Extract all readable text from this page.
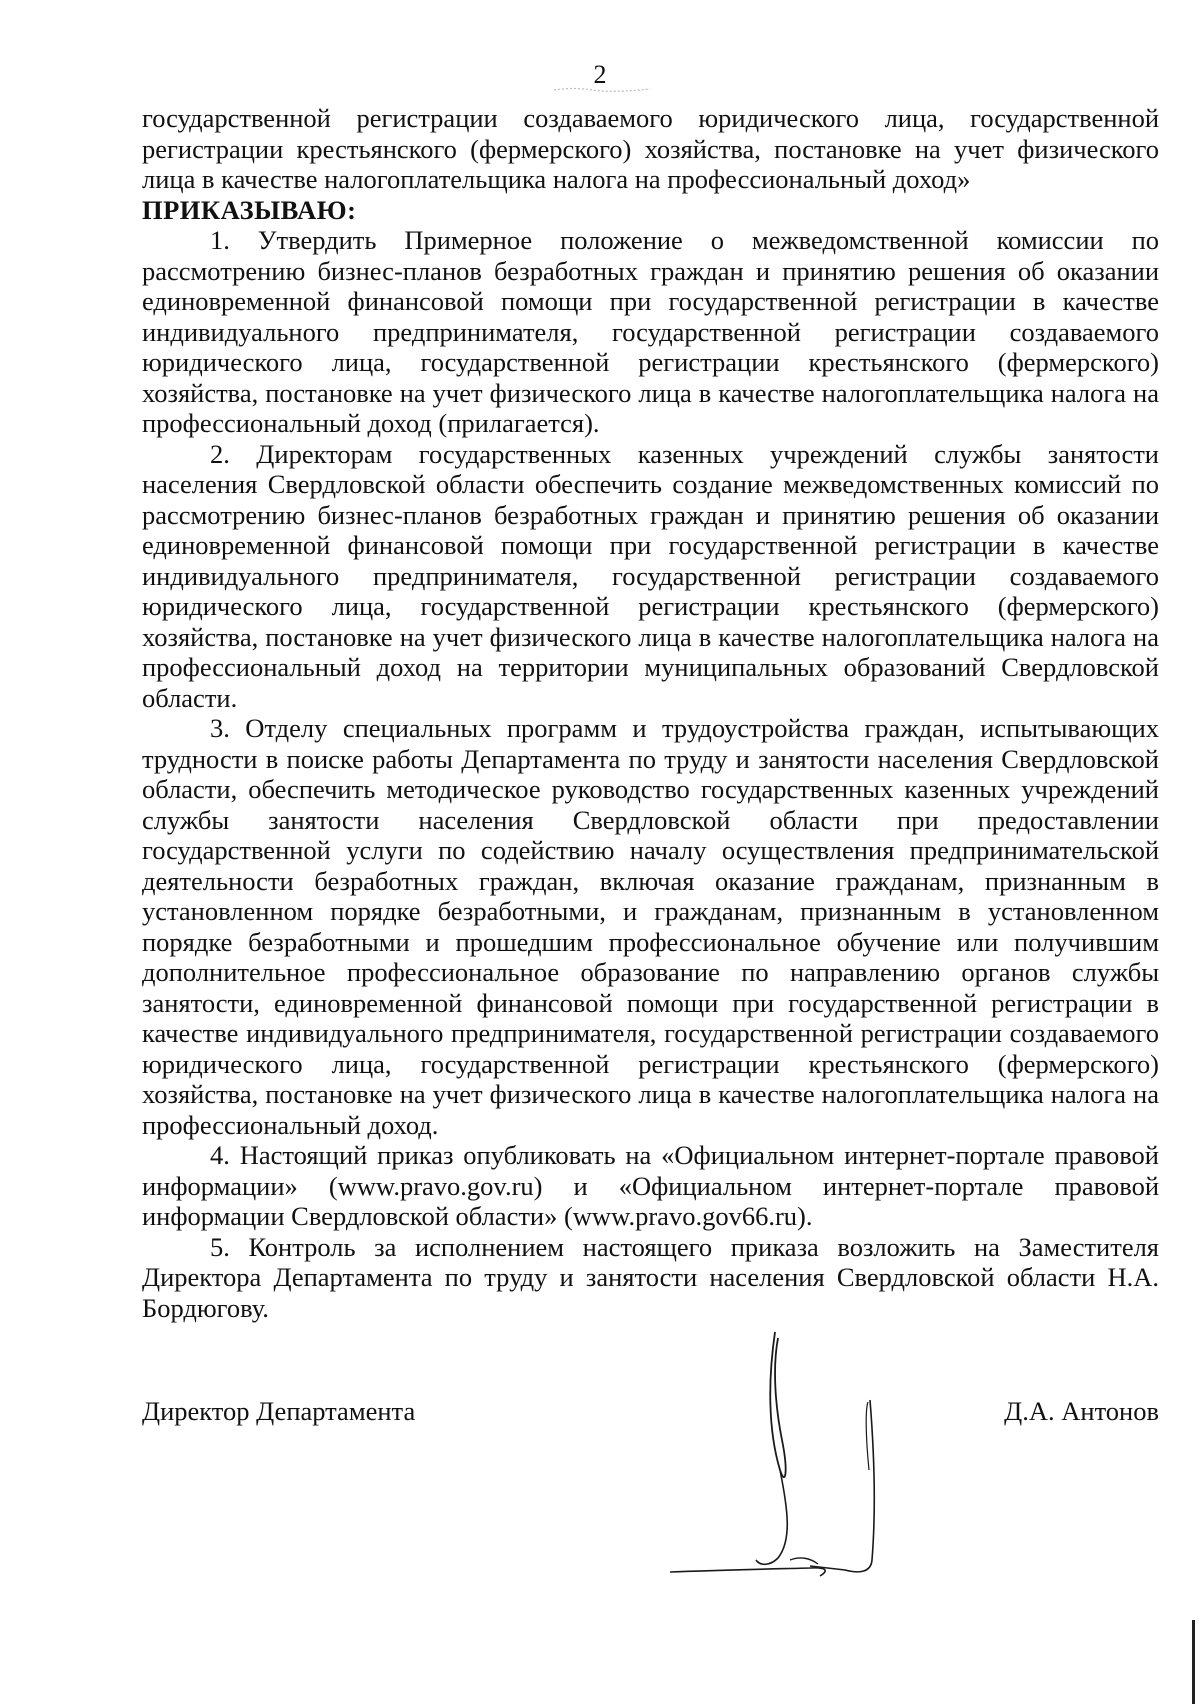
2

государственной регистрации создаваемого юридического лица, государственной регистрации крестьянского (фермерского) хозяйства, постановке на учет физического лица в качестве налогоплательщика налога на профессиональный доход»

ПРИКАЗЫВАЮ:

1. Утвердить Примерное положение о межведомственной комиссии по рассмотрению бизнес-планов безработных граждан и принятию решения об оказании единовременной финансовой помощи при государственной регистрации в качестве индивидуального предпринимателя, государственной регистрации создаваемого юридического лица, государственной регистрации крестьянского (фермерского) хозяйства, постановке на учет физического лица в качестве налогоплательщика налога на профессиональный доход (прилагается).

2. Директорам государственных казенных учреждений службы занятости населения Свердловской области обеспечить создание межведомственных комиссий по рассмотрению бизнес-планов безработных граждан и принятию решения об оказании единовременной финансовой помощи при государственной регистрации в качестве индивидуального предпринимателя, государственной регистрации создаваемого юридического лица, государственной регистрации крестьянского (фермерского) хозяйства, постановке на учет физического лица в качестве налогоплательщика налога на профессиональный доход на территории муниципальных образований Свердловской области.

3. Отделу специальных программ и трудоустройства граждан, испытывающих трудности в поиске работы Департамента по труду и занятости населения Свердловской области, обеспечить методическое руководство государственных казенных учреждений службы занятости населения Свердловской области при предоставлении государственной услуги по содействию началу осуществления предпринимательской деятельности безработных граждан, включая оказание гражданам, признанным в установленном порядке безработными, и гражданам, признанным в установленном порядке безработными и прошедшим профессиональное обучение или получившим дополнительное профессиональное образование по направлению органов службы занятости, единовременной финансовой помощи при государственной регистрации в качестве индивидуального предпринимателя, государственной регистрации создаваемого юридического лица, государственной регистрации крестьянского (фермерского) хозяйства, постановке на учет физического лица в качестве налогоплательщика налога на профессиональный доход.

4. Настоящий приказ опубликовать на «Официальном интернет-портале правовой информации» (www.pravo.gov.ru) и «Официальном интернет-портале правовой информации Свердловской области» (www.pravo.gov66.ru).

5. Контроль за исполнением настоящего приказа возложить на Заместителя Директора Департамента по труду и занятости населения Свердловской области Н.А. Бордюгову.

Директор Департамента	Д.А. Антонов
